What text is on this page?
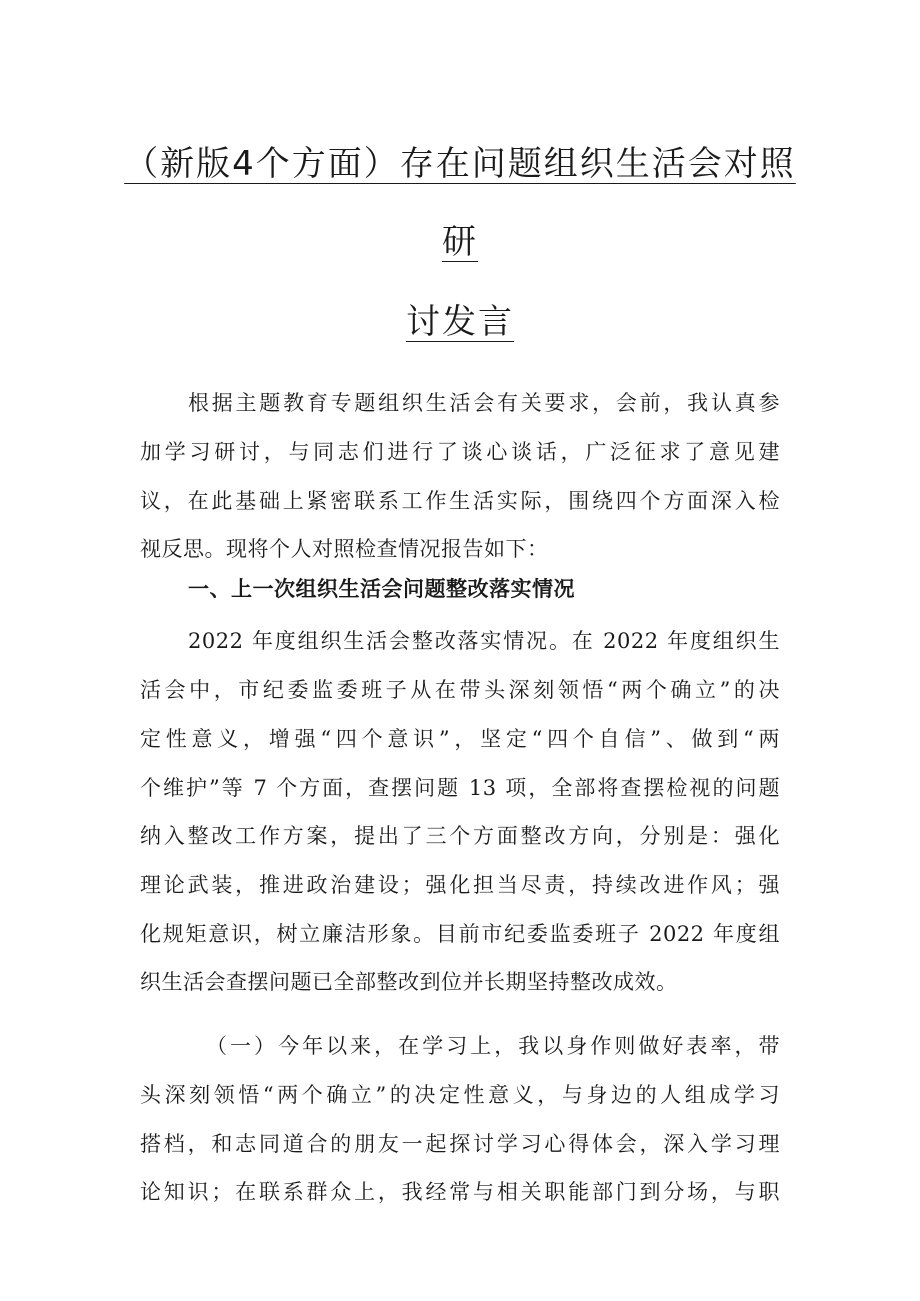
（新版4个方面）存在问题组织生活会对照
研
讨发言
根据主题教育专题组织生活会有关要求，会前，我认真参
加学习研讨，与同志们进行了谈心谈话，广泛征求了意见建
议，在此基础上紧密联系工作生活实际，围绕四个方面深入检
视反思。现将个人对照检查情况报告如下：
一、上一次组织生活会问题整改落实情况
2022 年度组织生活会整改落实情况。在 2022 年度组织生
活会中，市纪委监委班子从在带头深刻领悟“两个确立”的决
定性意义，增强“四个意识”，坚定“四个自信”、做到“两
个维护”等 7 个方面，查摆问题 13 项，全部将查摆检视的问题
纳入整改工作方案，提出了三个方面整改方向，分别是：强化
理论武装，推进政治建设；强化担当尽责，持续改进作风；强
化规矩意识，树立廉洁形象。目前市纪委监委班子 2022 年度组
织生活会查摆问题已全部整改到位并长期坚持整改成效。
（一）今年以来，在学习上，我以身作则做好表率，带
头深刻领悟“两个确立”的决定性意义，与身边的人组成学习
搭档，和志同道合的朋友一起探讨学习心得体会，深入学习理
论知识；在联系群众上，我经常与相关职能部门到分场，与职
